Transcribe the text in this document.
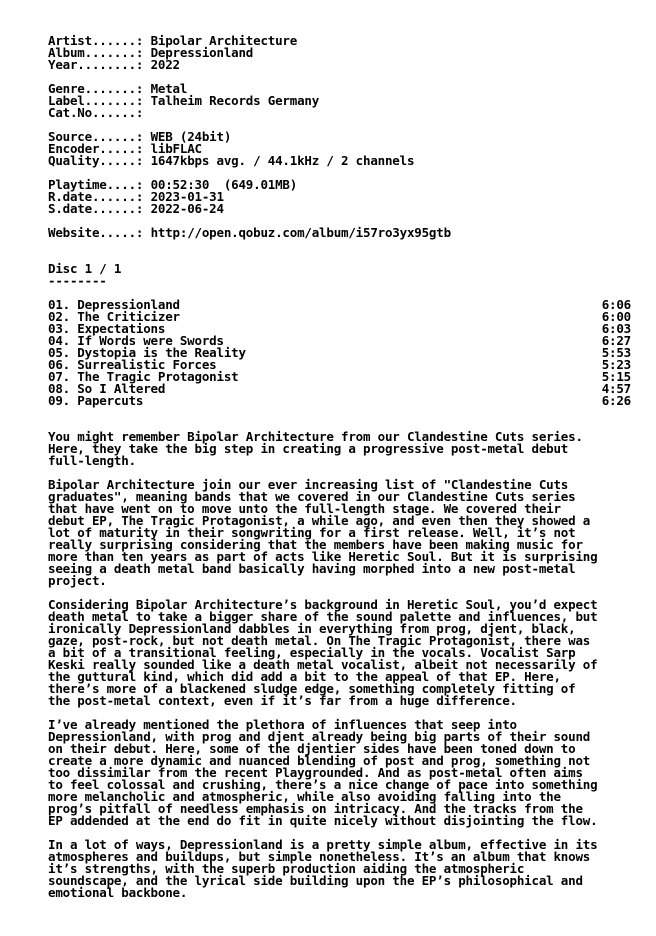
Artist......: Bipolar Architecture
Album.......: Depressionland
Year........: 2022
Genre.......: Metal
Label.......: Talheim Records Germany
Cat.No......:
Source......: WEB (24bit)
Encoder.....: libFLAC
Quality.....: 1647kbps avg. / 44.1kHz / 2 channels
Playtime....: 00:52:30  (649.01MB)
R.date......: 2023-01-31
S.date......: 2022-06-24
Website.....: http://open.qobuz.com/album/i57ro3yx95gtb
Disc 1 / 1
--------
01. Depressionland	6:06
02. The Criticizer	6:00
03. Expectations	6:03
04. If Words were Swords	6:27
05. Dystopia is the Reality	5:53
06. Surrealistic Forces	5:23
07. The Tragic Protagonist	5:15
08. So I Altered	4:57
09. Papercuts	6:26
You might remember Bipolar Architecture from our Clandestine Cuts series.
Here, they take the big step in creating a progressive post-metal debut
full-length.
Bipolar Architecture join our ever increasing list of "Clandestine Cuts
graduates", meaning bands that we covered in our Clandestine Cuts series
that have went on to move unto the full-length stage. We covered their
debut EP, The Tragic Protagonist, a while ago, and even then they showed a
lot of maturity in their songwriting for a first release. Well, it’s not
really surprising considering that the members have been making music for
more than ten years as part of acts like Heretic Soul. But it is surprising
seeing a death metal band basically having morphed into a new post-metal
project.
Considering Bipolar Architecture’s background in Heretic Soul, you’d expect
death metal to take a bigger share of the sound palette and influences, but
ironically Depressionland dabbles in everything from prog, djent, black,
gaze, post-rock, but not death metal. On The Tragic Protagonist, there was
a bit of a transitional feeling, especially in the vocals. Vocalist Sarp
Keski really sounded like a death metal vocalist, albeit not necessarily of
the guttural kind, which did add a bit to the appeal of that EP. Here,
there’s more of a blackened sludge edge, something completely fitting of
the post-metal context, even if it’s far from a huge difference.
I’ve already mentioned the plethora of influences that seep into
Depressionland, with prog and djent already being big parts of their sound
on their debut. Here, some of the djentier sides have been toned down to
create a more dynamic and nuanced blending of post and prog, something not
too dissimilar from the recent Playgrounded. And as post-metal often aims
to feel colossal and crushing, there’s a nice change of pace into something
more melancholic and atmospheric, while also avoiding falling into the
prog’s pitfall of needless emphasis on intricacy. And the tracks from the
EP addended at the end do fit in quite nicely without disjointing the flow.
In a lot of ways, Depressionland is a pretty simple album, effective in its
atmospheres and buildups, but simple nonetheless. It’s an album that knows
it’s strengths, with the superb production aiding the atmospheric
soundscape, and the lyrical side building upon the EP’s philosophical and
emotional backbone.
